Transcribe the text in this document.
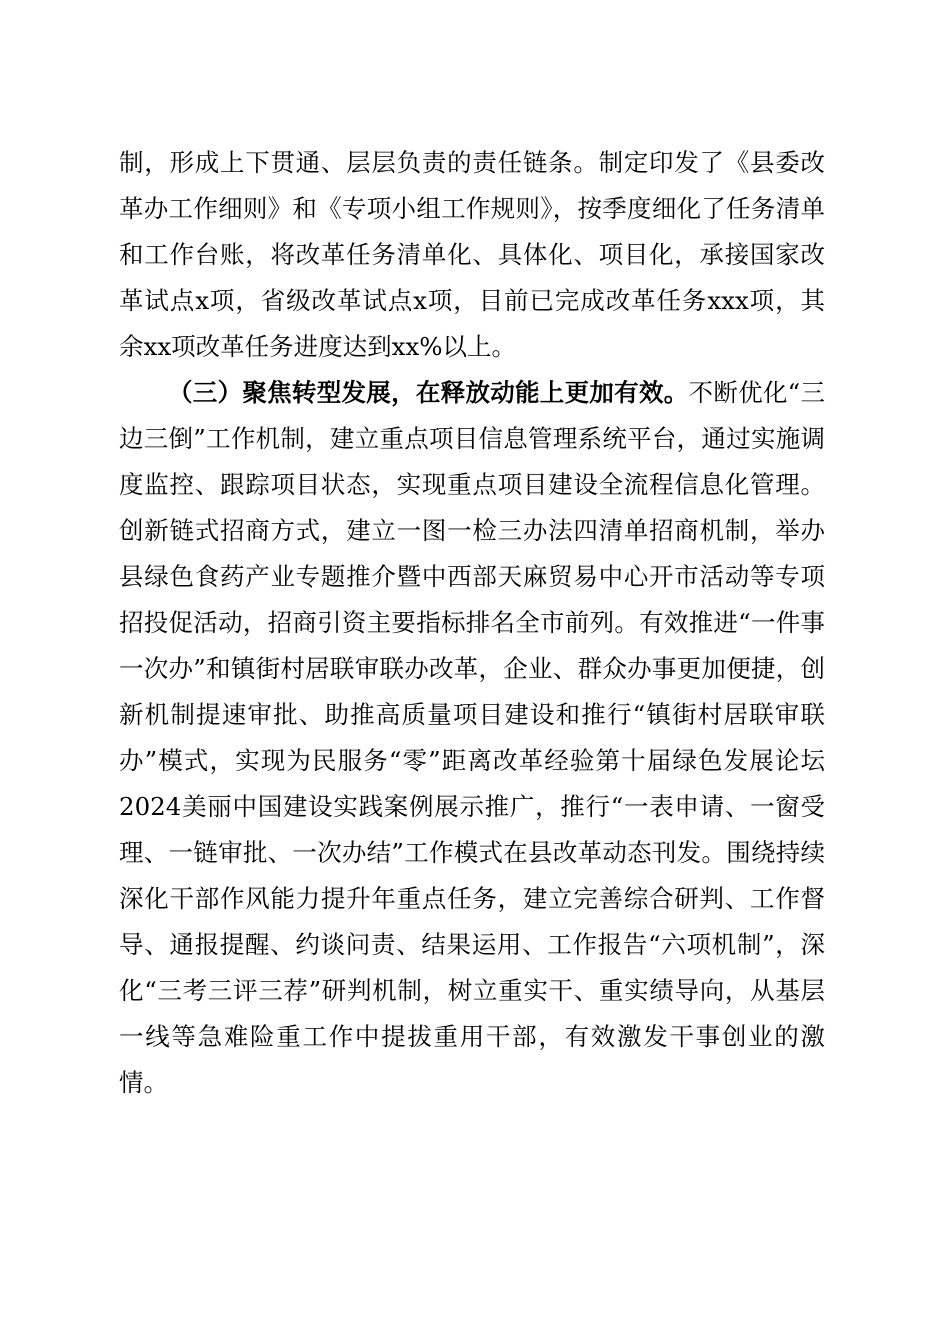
制，形成上下贯通、层层负责的责任链条。制定印发了《县委改革办工作细则》和《专项小组工作规则》，按季度细化了任务清单和工作台账，将改革任务清单化、具体化、项目化，承接国家改革试点x项，省级改革试点x项，目前已完成改革任务xxx项，其余xx项改革任务进度达到xx%以上。

（三）聚焦转型发展，在释放动能上更加有效。不断优化“三边三倒”工作机制，建立重点项目信息管理系统平台，通过实施调度监控、跟踪项目状态，实现重点项目建设全流程信息化管理。创新链式招商方式，建立一图一检三办法四清单招商机制，举办县绿色食药产业专题推介暨中西部天麻贸易中心开市活动等专项招投促活动，招商引资主要指标排名全市前列。有效推进“一件事一次办”和镇街村居联审联办改革，企业、群众办事更加便捷，创新机制提速审批、助推高质量项目建设和推行“镇街村居联审联办”模式，实现为民服务“零”距离改革经验第十届绿色发展论坛2024美丽中国建设实践案例展示推广，推行“一表申请、一窗受理、一链审批、一次办结”工作模式在县改革动态刊发。围绕持续深化干部作风能力提升年重点任务，建立完善综合研判、工作督导、通报提醒、约谈问责、结果运用、工作报告“六项机制”，深化“三考三评三荐”研判机制，树立重实干、重实绩导向，从基层一线等急难险重工作中提拔重用干部，有效激发干事创业的激情。
